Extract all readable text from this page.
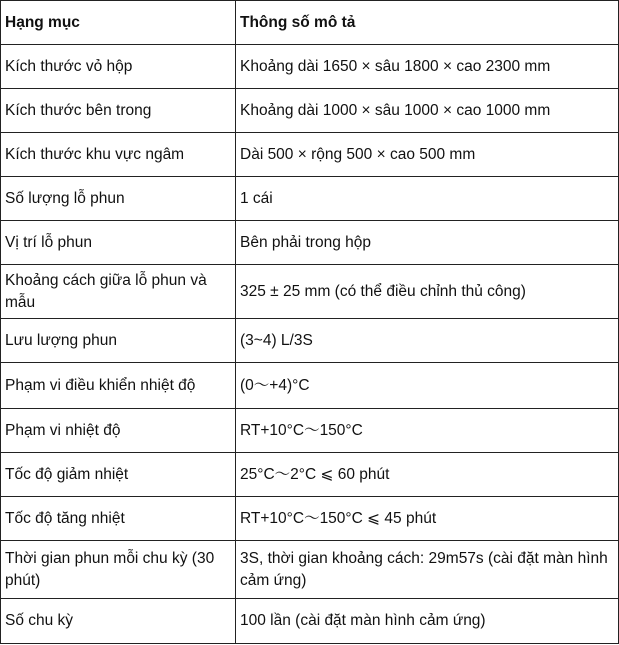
Hạng mục	Thông số mô tả
Kích thước vỏ hộp	Khoảng dài 1650 × sâu 1800 × cao 2300 mm
Kích thước bên trong	Khoảng dài 1000 × sâu 1000 × cao 1000 mm
Kích thước khu vực ngâm	Dài 500 × rộng 500 × cao 500 mm
Số lượng lỗ phun	1 cái
Vị trí lỗ phun	Bên phải trong hộp
Khoảng cách giữa lỗ phun và mẫu	325 ± 25 mm (có thể điều chỉnh thủ công)
Lưu lượng phun	(3~4) L/3S
Phạm vi điều khiển nhiệt độ	(0～+4)°C
Phạm vi nhiệt độ	RT+10°C～150°C
Tốc độ giảm nhiệt	25°C～2°C ⩽ 60 phút
Tốc độ tăng nhiệt	RT+10°C～150°C ⩽ 45 phút
Thời gian phun mỗi chu kỳ (30 phút)	3S, thời gian khoảng cách: 29m57s (cài đặt màn hình cảm ứng)
Số chu kỳ	100 lần (cài đặt màn hình cảm ứng)
